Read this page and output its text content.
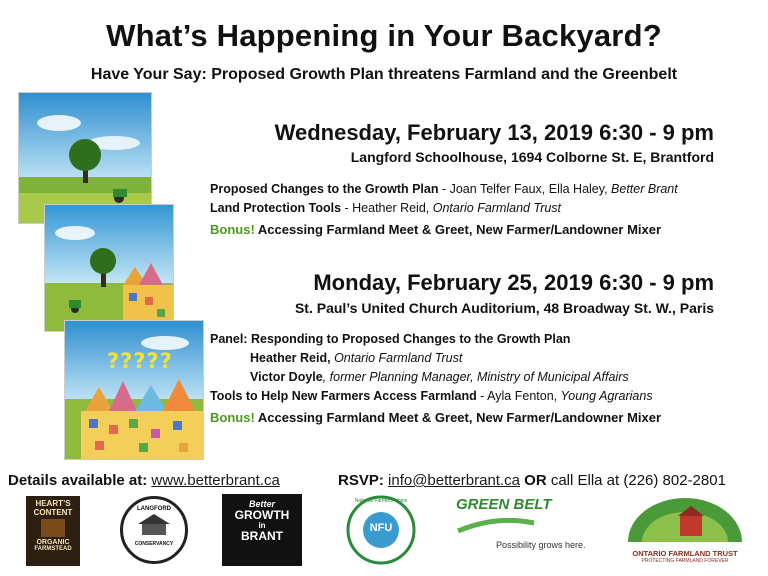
What’s Happening in Your Backyard?
Have Your Say: Proposed Growth Plan threatens Farmland and the Greenbelt
?????
Wednesday, February 13, 2019 6:30 - 9 pm
Langford Schoolhouse, 1694 Colborne St. E, Brantford
Proposed Changes to the Growth Plan - Joan Telfer Faux, Ella Haley, Better Brant
Land Protection Tools - Heather Reid, Ontario Farmland Trust
Bonus! Accessing Farmland Meet & Greet, New Farmer/Landowner Mixer
Monday, February 25, 2019 6:30 - 9 pm
St. Paul’s United Church Auditorium, 48 Broadway St. W., Paris
Panel: Responding to Proposed Changes to the Growth Plan
Heather Reid, Ontario Farmland Trust
Victor Doyle, former Planning Manager, Ministry of Municipal Affairs
Tools to Help New Farmers Access Farmland - Ayla Fenton, Young Agrarians
Bonus! Accessing Farmland Meet & Greet, New Farmer/Landowner Mixer
Details available at: www.betterbrant.ca	RSVP: info@betterbrant.ca OR call Ella at (226) 802-2801
HEART’S
CONTENT
ORGANIC
FARMSTEAD
LANGFORD
CONSERVANCY
Better
GROWTH
in
BRANT
NFU
National Farmers Union	GREEN BELT
Possibility grows here.
ONTARIO FARMLAND TRUST
PROTECTING FARMLAND FOREVER
